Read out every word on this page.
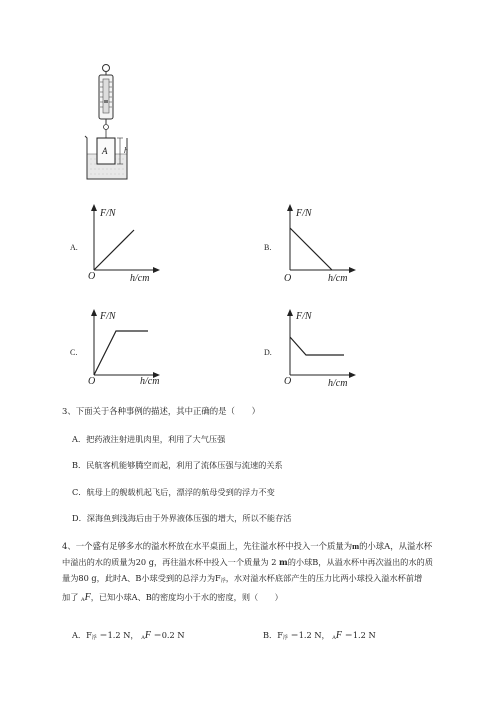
A h
A.
F/N
O	h/cm
B.
F/N
O	h/cm
C.
F/N
O	h/cm
D.
F/N
O	h/cm
3、下面关于各种事例的描述，其中正确的是（　　）
A．把药液注射进肌肉里，利用了大气压强
B．民航客机能够腾空而起，利用了流体压强与流速的关系
C．航母上的舰载机起飞后，漂浮的航母受到的浮力不变
D．深海鱼到浅海后由于外界液体压强的增大，所以不能存活
4、一个盛有足够多水的溢水杯放在水平桌面上，先往溢水杯中投入一个质量为m的小球A，从溢水杯
中溢出的水的质量为20 g，再往溢水杯中投入一个质量为 2 m的小球B，从溢水杯中再次溢出的水的质
量为80 g，此时A、B小球受到的总浮力为$F_浮$，水对溢水杯底部产生的压力比两小球投入溢水杯前增
加了 $_A$F，已知小球A、B的密度均小于水的密度，则（　　）
A．$F_浮 =1.2$ N， $_A$F ＝0.2 N	B．$F_浮 =1.2$ N， $_A$F ＝1.2 N
